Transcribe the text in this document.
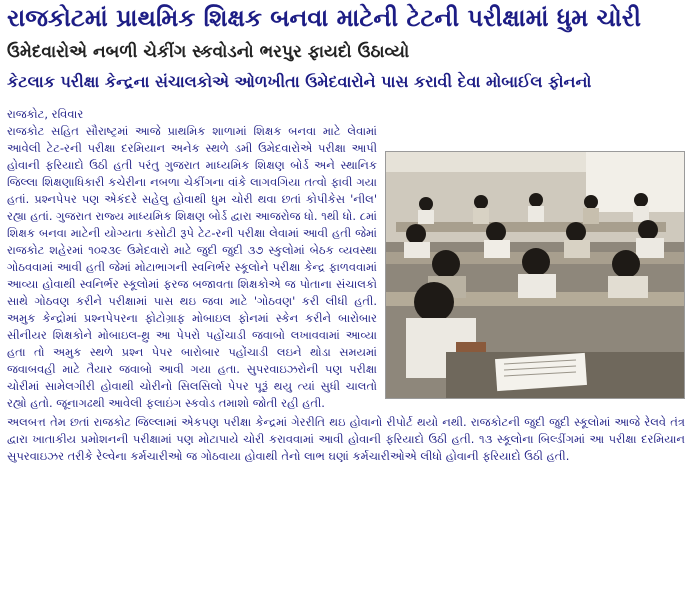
રાજકોટમાં પ્રાથમિક શિક્ષક બનવા માટેની ટેટની પરીક્ષામાં ધુમ ચોરી
ઉમેદવારોએ નબળી ચેકીંગ સ્કવોડનો ભરપુર ફાયદો ઉઠાવ્યો
કેટલાક પરીક્ષા કેન્દ્રના સંચાલકોએ ઓળખીતા ઉમેદવારોને પાસ કરાવી દેવા મોબાઈલ ફોનનો

રાજકોટ, રવિવાર

રાજકોટ સહિત સૌરાષ્ટ્રમાં આજે પ્રાથમિક શાળામાં શિક્ષક બનવા માટે લેવામાં આવેલી ટેટ-રની પરીક્ષા દરમિયાન અનેક સ્થળે ડમી ઉમેદવારોએ પરીક્ષા આપી હોવાની ફરિયાદો ઉઠી હતી પરંતુ ગુજરાત માધ્યમિક શિક્ષણ બોર્ડ અને સ્થાનિક જિલ્લા શિક્ષણાધિકારી કચેરીના નબળા ચેકીંગના વાંકે લાગવગિયા તત્વો ફાવી ગયા હતાં. પ્રશ્નપેપર પણ એકંદરે સહેલુ હોવાથી ધુમ ચોરી થવા છતાં કોપીકેસ 'નીલ' રહ્યા હતાં. ગુજરાત રાજ્ય માધ્યમિક શિક્ષણ બોર્ડ દ્વારા આજરોજ ધો. ૧થી ધો. ૮માં શિક્ષક બનવા માટેની યોગ્યતા કસોટી રૂપે ટેટ-રની પરીક્ષા લેવામાં આવી હતી જેમાં રાજકોટ શહેરમાં ૧૦૨૩૯ ઉમેદવારો માટે જુદી જુદી ૩૭ સ્કુલોમાં બેઠક વ્યવસ્થા ગોઠવવામાં આવી હતી જેમાં મોટાભાગની સ્વનિર્ભર સ્કૂલોને પરીક્ષા કેન્દ્ર ફાળવવામાં આવ્યા હોવાથી સ્વનિર્ભર સ્કૂલોમાં ફરજ બજાવતા શિક્ષકોએ જ પોતાના સંચાલકો સાથે ગોઠવણ કરીને પરીક્ષામાં પાસ થઇ જવા માટે 'ગોઠવણ' કરી લીધી હતી. અમુક કેન્દ્રોમાં પ્રશ્નપેપરના ફોટોગ્રાફ મોબાઇલ ફોનમાં સ્કેન કરીને બારોબાર સીનીયર શિક્ષકોને મોબાઇલ-થ્રુ આ પેપરો પહોંચાડી જવાબો લખાવવામાં આવ્યા હતા તો અમુક સ્થળે પ્રશ્ન પેપર બારોબાર પહોંચાડી લઇને થોડા સમયમાં જવાબવહી માટે તૈયાર જવાબો આવી ગયા હતા. સુપરવાઇઝરોની પણ પરીક્ષા ચોરીમાં સામેલગીરી હોવાથી ચોરીનો સિલસિલો પેપર પૂરૂં થયુ ત્યાં સુધી ચાલતો રહ્યો હતો. જૂનાગઢથી આવેલી ફલાઇંગ સ્કવોડ તમાશો જોતી રહી હતી.

અલબત્ત તેમ છતાં રાજકોટ જિલ્લામાં એકપણ પરીક્ષા કેન્દ્રમાં ગેરરીતિ થઇ હોવાનો રીપોર્ટ થયો નથી. રાજકોટની જુદી જુદી સ્કૂલોમાં આજે રેલવે તંત્ર દ્વારા ખાતાકીય પ્રમોશનની પરીક્ષામાં પણ મોટાપાયે ચોરી કરાવવામાં આવી હોવાની ફરિયાદો ઉઠી હતી. ૧૩ સ્કૂલોના બિલ્ડીંગમાં આ પરીક્ષા દરમિયાન સુપરવાઇઝર તરીકે રેલ્વેના કર્મચારીઓ જ ગોઠવાયા હોવાથી તેનો લાભ ઘણાં કર્મચારીઓએ લીધો હોવાની ફરિયાદો ઉઠી હતી.
